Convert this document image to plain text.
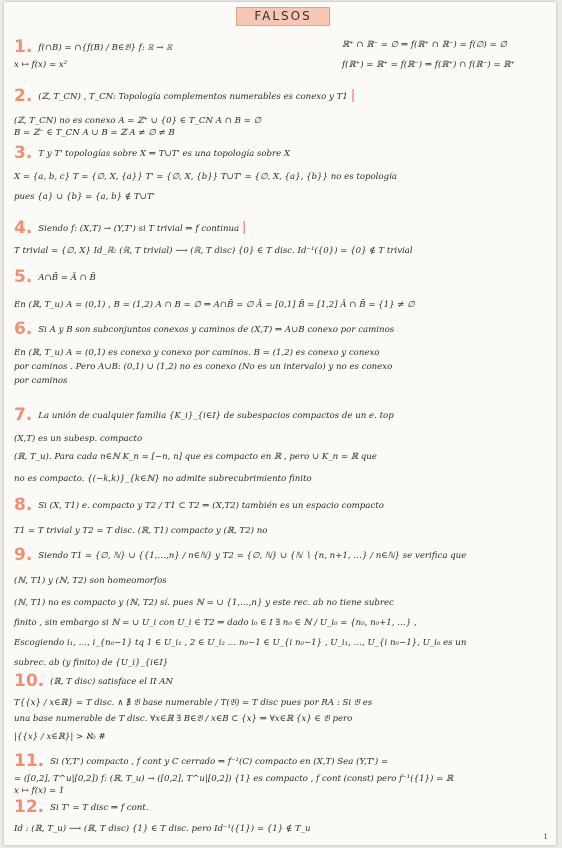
FALSOS
1. f(∩B) = ∩{f(B) / B∈𝔅} f: ℝ → ℝ
x ↦ f(x) = x²
ℝ⁺ ∩ ℝ⁻ = ∅ ⇒ f(ℝ⁺ ∩ ℝ⁻) = f(∅) = ∅
f(ℝ⁺) = ℝ⁺ = f(ℝ⁻) ⇒ f(ℝ⁺) ∩ f(ℝ⁻) = ℝ⁺
2. (ℤ, T_CN) , T_CN: Topología complementos numerables es conexo y T1 |
(ℤ, T_CN) no es conexo A = ℤ⁺ ∪ {0} ∈ T_CN A ∩ B = ∅
B = ℤ⁻ ∈ T_CN A ∪ B = ℤ A ≠ ∅ ≠ B
3. T y T' topologías sobre X ⇒ T∪T' es una topología sobre X
X = {a, b, c} T = {∅, X, {a}} T' = {∅, X, {b}} T∪T' = {∅, X, {a}, {b}} no es topología
pues {a} ∪ {b} = {a, b} ∉ T∪T'
4. Siendo f: (X,T) → (Y,T') si T trivial ⇒ f continua |
T trivial = {∅, X} Id_ℝ: (ℝ, T trivial) ⟶ (ℝ, T disc) {0} ∈ T disc. Id⁻¹({0}) = {0} ∉ T trivial
5. A∩B̄ = Ā ∩ B̄
En (ℝ, T_u) A = (0,1) , B = (1,2) A ∩ B = ∅ ⇒ A∩B̄ = ∅ Ā = [0,1] B̄ = [1,2] Ā ∩ B̄ = {1} ≠ ∅
6. Si A y B son subconjuntos conexos y caminos de (X,T) ⇒ A∪B conexo por caminos
En (ℝ, T_u) A = (0,1) es conexo y conexo por caminos. B = (1,2) es conexo y conexo
por caminos . Pero A∪B: (0,1) ∪ (1,2) no es conexo (No es un intervalo) y no es conexo
por caminos
7. La unión de cualquier familia {K_i}_{i∈I} de subespacios compactos de un e. top
(X,T) es un subesp. compacto
(ℝ, T_u). Para cada n∈ℕ K_n = [−n, n] que es compacto en ℝ , pero ∪ K_n = ℝ que
no es compacto. {(−k,k)}_{k∈ℕ} no admite subrecubrimiento finito
8. Si (X, T1) e. compacto y T2 / T1 ⊂ T2 ⇒ (X,T2) también es un espacio compacto
T1 = T trivial y T2 = T disc. (ℝ, T1) compacto y (ℝ, T2) no
9. Siendo T1 = {∅, ℕ} ∪ {{1,…,n} / n∈ℕ} y T2 = {∅, ℕ} ∪ {ℕ ∖ {n, n+1, …} / n∈ℕ} se verifica que
(ℕ, T1) y (ℕ, T2) son homeomorfos
(ℕ, T1) no es compacto y (ℕ, T2) sí. pues ℕ = ∪ {1,…,n} y este rec. ab no tiene subrec
finito , sin embargo si ℕ = ∪ U_i con U_i ∈ T2 ⇒ dado i₀ ∈ I ∃ n₀ ∈ ℕ / U_i₀ = {n₀, n₀+1, …} ,
Escogiendo i₁, …, i_{n₀−1} tq 1 ∈ U_i₁ , 2 ∈ U_i₂ … n₀−1 ∈ U_{i n₀−1} , U_i₁, …, U_{i n₀−1}, U_i₀ es un
subrec. ab (y finito) de {U_i}_{i∈I}
10. (ℝ, T disc) satisface el II AN
T{{x} / x∈ℝ} = T disc. ∧ ∄ 𝔅 base numerable / T(𝔅) = T disc pues por RA : Si 𝔅 es
una base numerable de T disc. ∀x∈ℝ ∃ B∈𝔅 / x∈B ⊂ {x} ⇒ ∀x∈ℝ {x} ∈ 𝔅 pero
|{{x} / x∈ℝ}| > ℵ₀ #
11. Si (Y,T') compacto , f cont y C cerrado ⇒ f⁻¹(C) compacto en (X,T) Sea (Y,T') =
= ([0,2], T^u|[0,2]) f: (ℝ, T_u) → ([0,2], T^u|[0,2]) {1} es compacto , f cont (const) pero f⁻¹({1}) = ℝ
x ↦ f(x) = 1
12. Si T' = T disc ⇒ f cont.
Id : (ℝ, T_u) ⟶ (ℝ, T disc) {1} ∈ T disc. pero Id⁻¹({1}) = {1} ∉ T_u
1
